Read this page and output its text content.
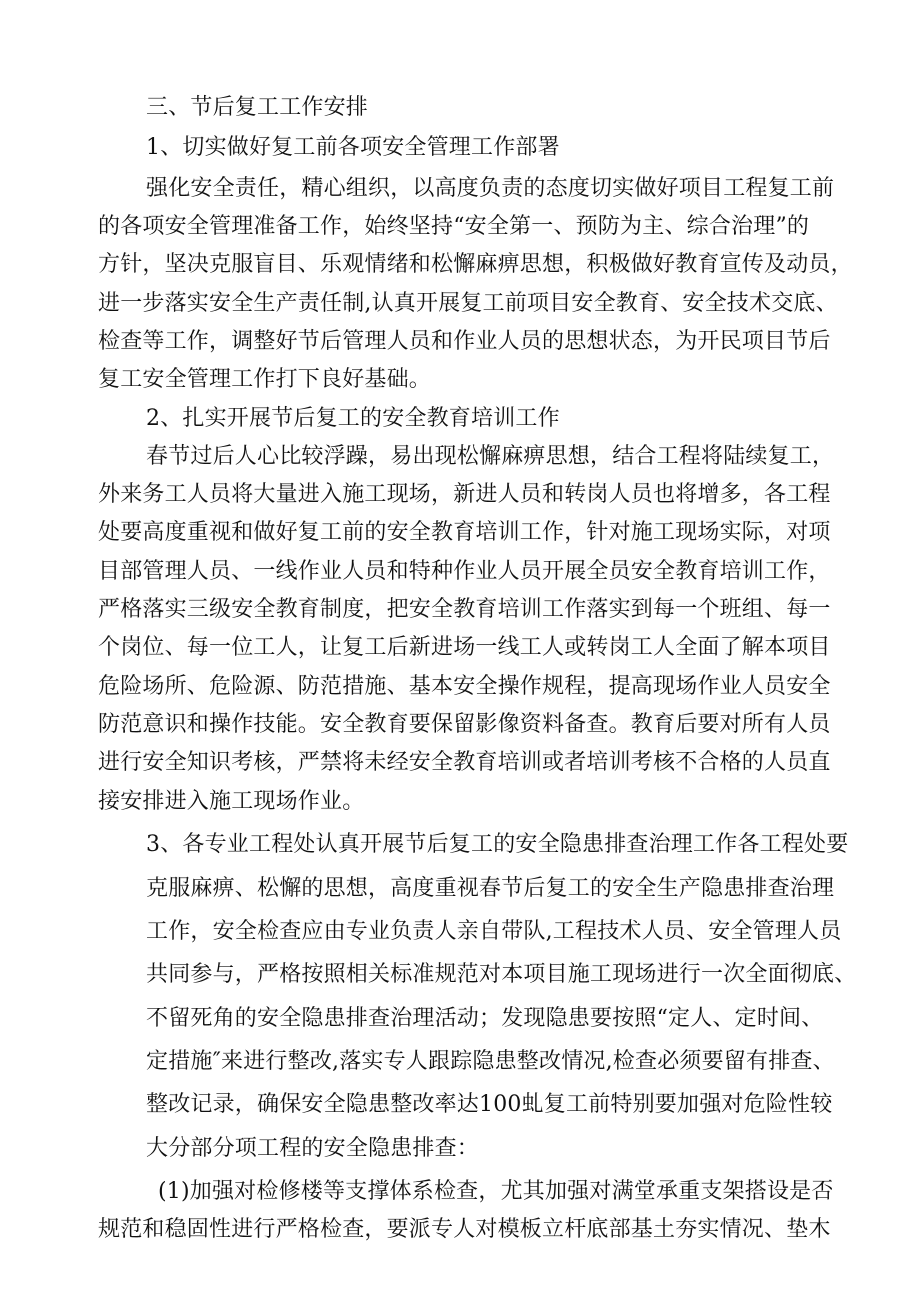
三、节后复工工作安排
1、切实做好复工前各项安全管理工作部署
强化安全责任，精心组织，以高度负责的态度切实做好项目工程复工前
的各项安全管理准备工作，始终坚持“安全第一、预防为主、综合治理”的
方针，坚决克服盲目、乐观情绪和松懈麻痹思想，积极做好教育宣传及动员，
进一步落实安全生产责任制,认真开展复工前项目安全教育、安全技术交底、
检查等工作，调整好节后管理人员和作业人员的思想状态，为开民项目节后
复工安全管理工作打下良好基础。
2、扎实开展节后复工的安全教育培训工作
春节过后人心比较浮躁，易出现松懈麻痹思想，结合工程将陆续复工，
外来务工人员将大量进入施工现场，新进人员和转岗人员也将增多，各工程
处要高度重视和做好复工前的安全教育培训工作，针对施工现场实际，对项
目部管理人员、一线作业人员和特种作业人员开展全员安全教育培训工作，
严格落实三级安全教育制度，把安全教育培训工作落实到每一个班组、每一
个岗位、每一位工人，让复工后新进场一线工人或转岗工人全面了解本项目
危险场所、危险源、防范措施、基本安全操作规程，提高现场作业人员安全
防范意识和操作技能。安全教育要保留影像资料备查。教育后要对所有人员
进行安全知识考核，严禁将未经安全教育培训或者培训考核不合格的人员直
接安排进入施工现场作业。
3、各专业工程处认真开展节后复工的安全隐患排查治理工作各工程处要
克服麻痹、松懈的思想，高度重视春节后复工的安全生产隐患排查治理
工作，安全检查应由专业负责人亲自带队,工程技术人员、安全管理人员
共同参与，严格按照相关标准规范对本项目施工现场进行一次全面彻底、
不留死角的安全隐患排查治理活动；发现隐患要按照“定人、定时间、
定措施″来进行整改,落实专人跟踪隐患整改情况,检查必须要留有排查、
整改记录，确保安全隐患整改率达100虬复工前特别要加强对危险性较
大分部分项工程的安全隐患排查：
(1)加强对检修楼等支撑体系检查，尤其加强对满堂承重支架搭设是否
规范和稳固性进行严格检查，要派专人对模板立杆底部基土夯实情况、垫木
